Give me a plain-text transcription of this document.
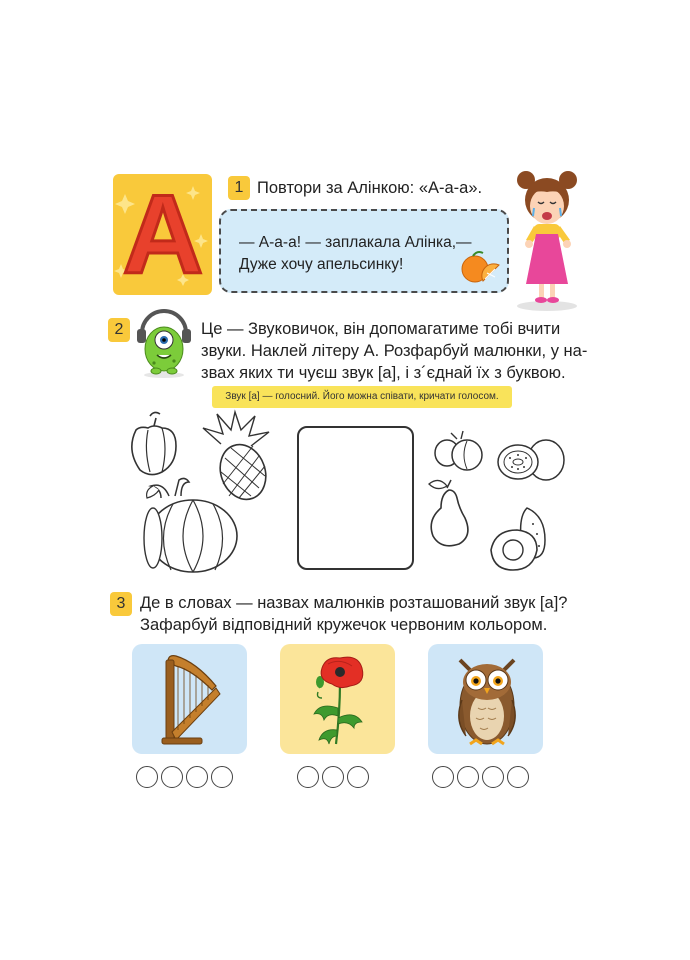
А	1 Повтори за Алінкою: «А-а-а».
— А-а-а! — заплакала Алінка,—
Дуже хочу апельсинку!
2	Це — Звуковичок, він допомагатиме тобі вчити
звуки. Наклей літеру А. Розфарбуй малюнки, у на-
звах яких ти чуєш звук [а], і з´єднай їх з буквою.
Звук [а] — голосний. Його можна співати, кричати голосом.
3 Де в словах — назвах малюнків розташований звук [а]?
Зафарбуй відповідний кружечок червоним кольором.
